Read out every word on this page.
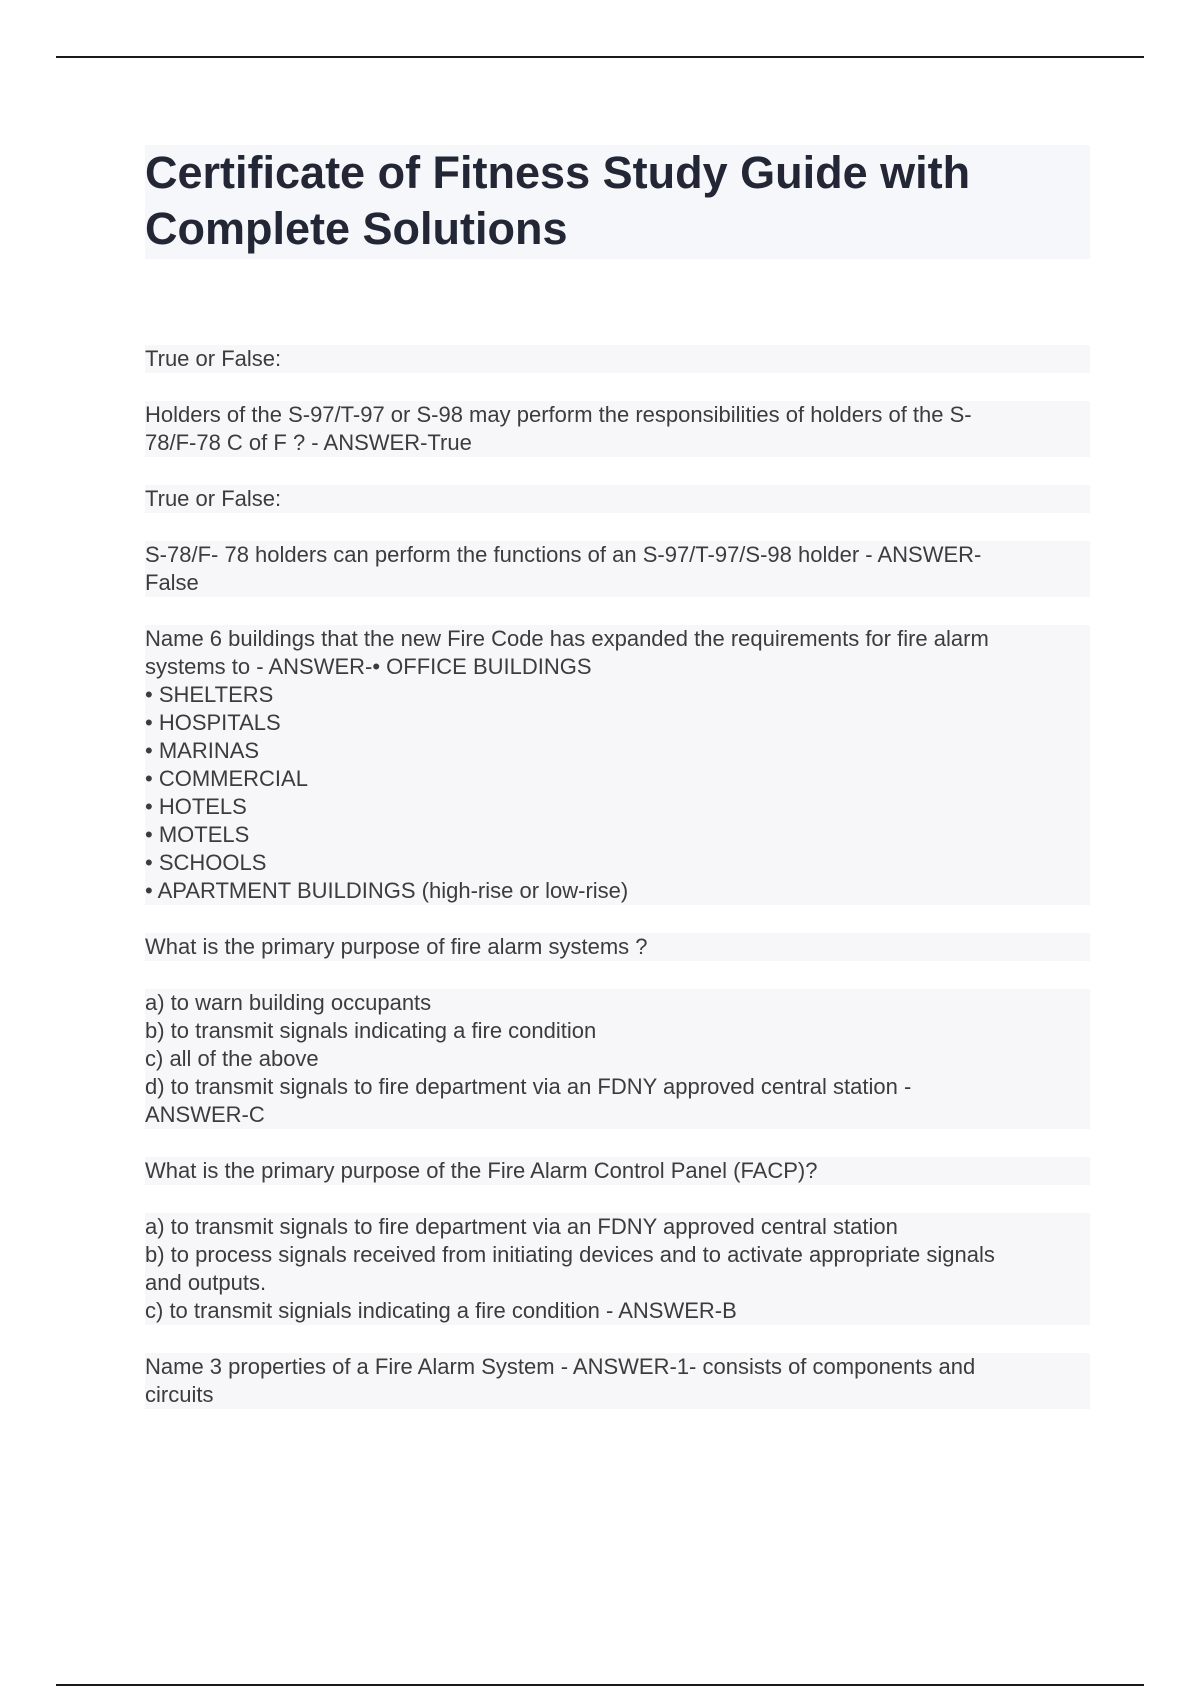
Certificate of Fitness Study Guide with Complete Solutions

True or False:

Holders of the S-97/T-97 or S-98 may perform the responsibilities of holders of the S-
78/F-78 C of F ? - ANSWER-True

True or False:

S-78/F- 78 holders can perform the functions of an S-97/T-97/S-98 holder - ANSWER-
False

Name 6 buildings that the new Fire Code has expanded the requirements for fire alarm
systems to - ANSWER-• OFFICE BUILDINGS
• SHELTERS
• HOSPITALS
• MARINAS
• COMMERCIAL
• HOTELS
• MOTELS
• SCHOOLS
• APARTMENT BUILDINGS (high-rise or low-rise)

What is the primary purpose of fire alarm systems ?

a) to warn building occupants
b) to transmit signals indicating a fire condition
c) all of the above
d) to transmit signals to fire department via an FDNY approved central station -
ANSWER-C

What is the primary purpose of the Fire Alarm Control Panel (FACP)?

a) to transmit signals to fire department via an FDNY approved central station
b) to process signals received from initiating devices and to activate appropriate signals
and outputs.
c) to transmit signials indicating a fire condition - ANSWER-B

Name 3 properties of a Fire Alarm System - ANSWER-1- consists of components and
circuits
